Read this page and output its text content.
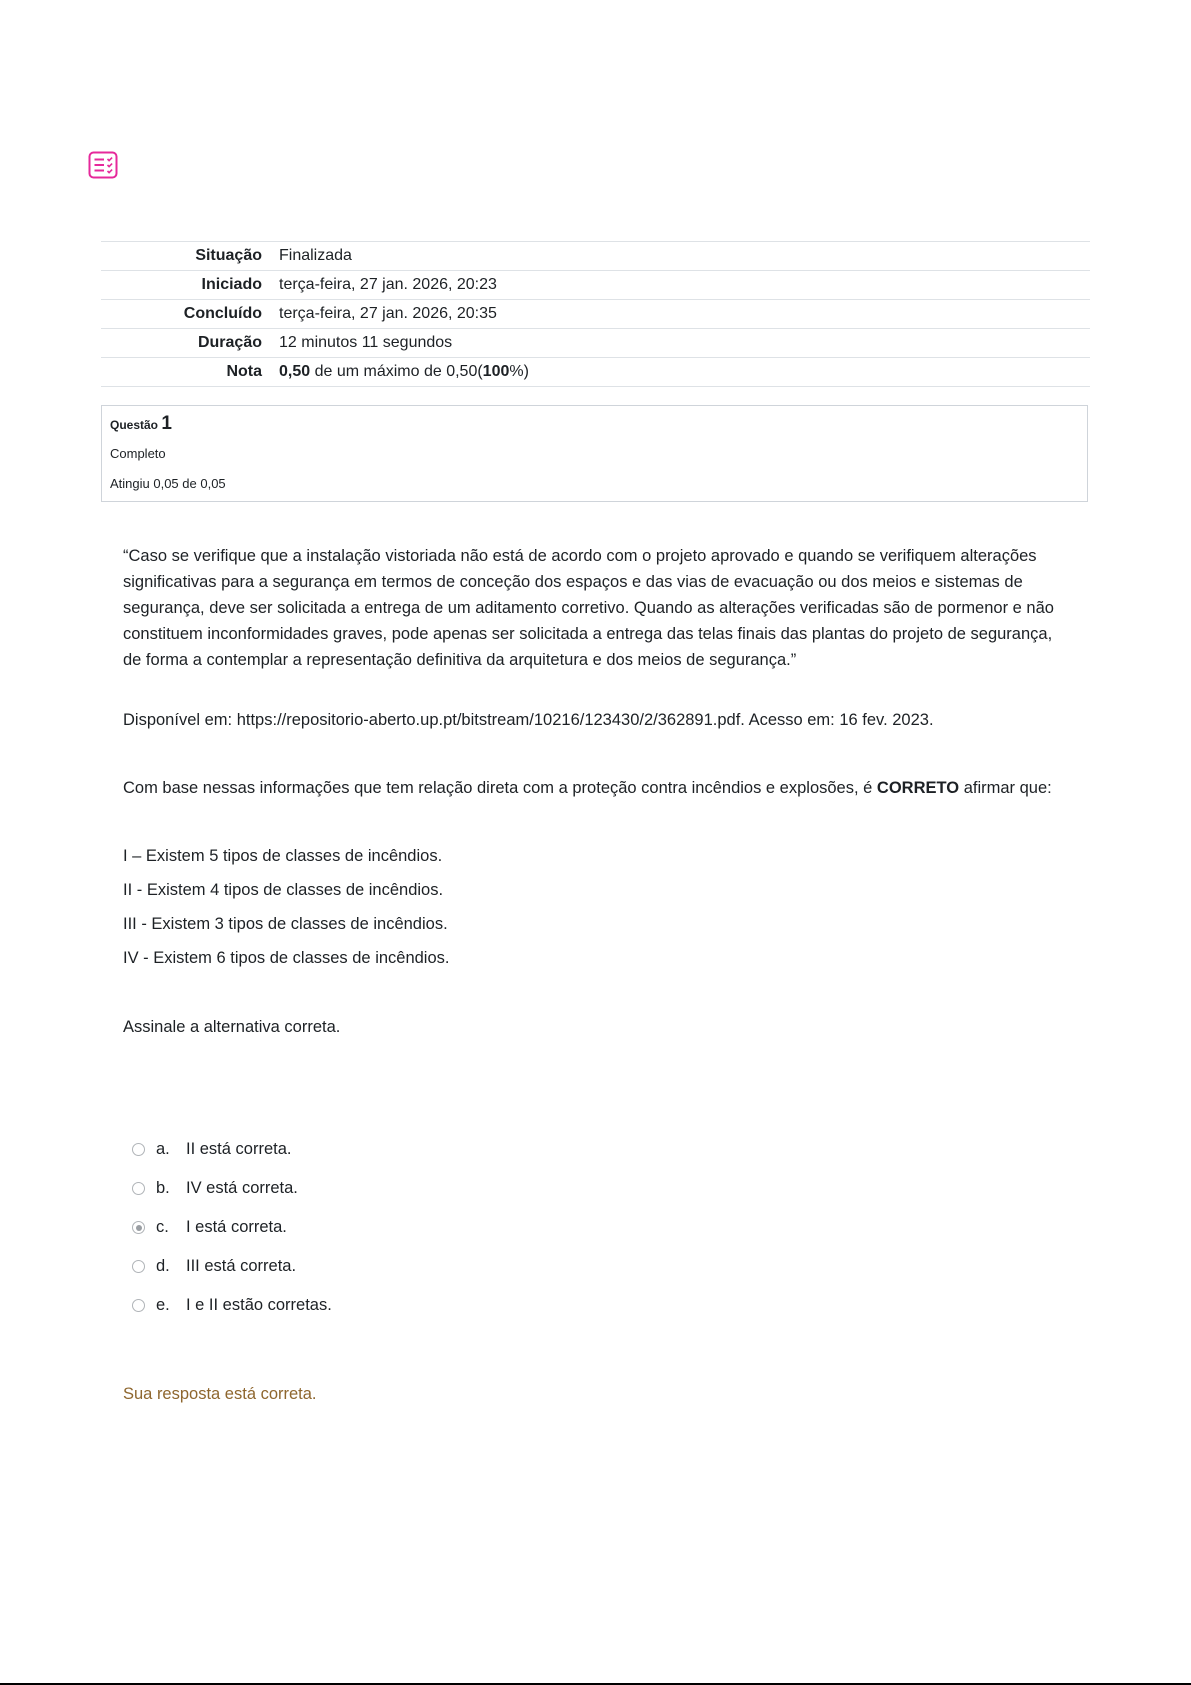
Situação	Finalizada
Iniciado	terça-feira, 27 jan. 2026, 20:23
Concluído	terça-feira, 27 jan. 2026, 20:35
Duração	12 minutos 11 segundos
Nota	0,50 de um máximo de 0,50(100%)
Questão 1
Completo
Atingiu 0,05 de 0,05

“Caso se verifique que a instalação vistoriada não está de acordo com o projeto aprovado e quando se verifiquem alterações significativas para a segurança em termos de conceção dos espaços e das vias de evacuação ou dos meios e sistemas de segurança, deve ser solicitada a entrega de um aditamento corretivo. Quando as alterações verificadas são de pormenor e não constituem inconformidades graves, pode apenas ser solicitada a entrega das telas finais das plantas do projeto de segurança, de forma a contemplar a representação definitiva da arquitetura e dos meios de segurança.”

Disponível em: https://repositorio-aberto.up.pt/bitstream/10216/123430/2/362891.pdf. Acesso em: 16 fev. 2023.

Com base nessas informações que tem relação direta com a proteção contra incêndios e explosões, é CORRETO afirmar que:

I – Existem 5 tipos de classes de incêndios.
II - Existem 4 tipos de classes de incêndios.
III - Existem 3 tipos de classes de incêndios.
IV - Existem 6 tipos de classes de incêndios.

Assinale a alternativa correta.

a. II está correta.
b. IV está correta.
c.	I está correta.
d. III está correta.
e. I e II estão corretas.
Sua resposta está correta.
